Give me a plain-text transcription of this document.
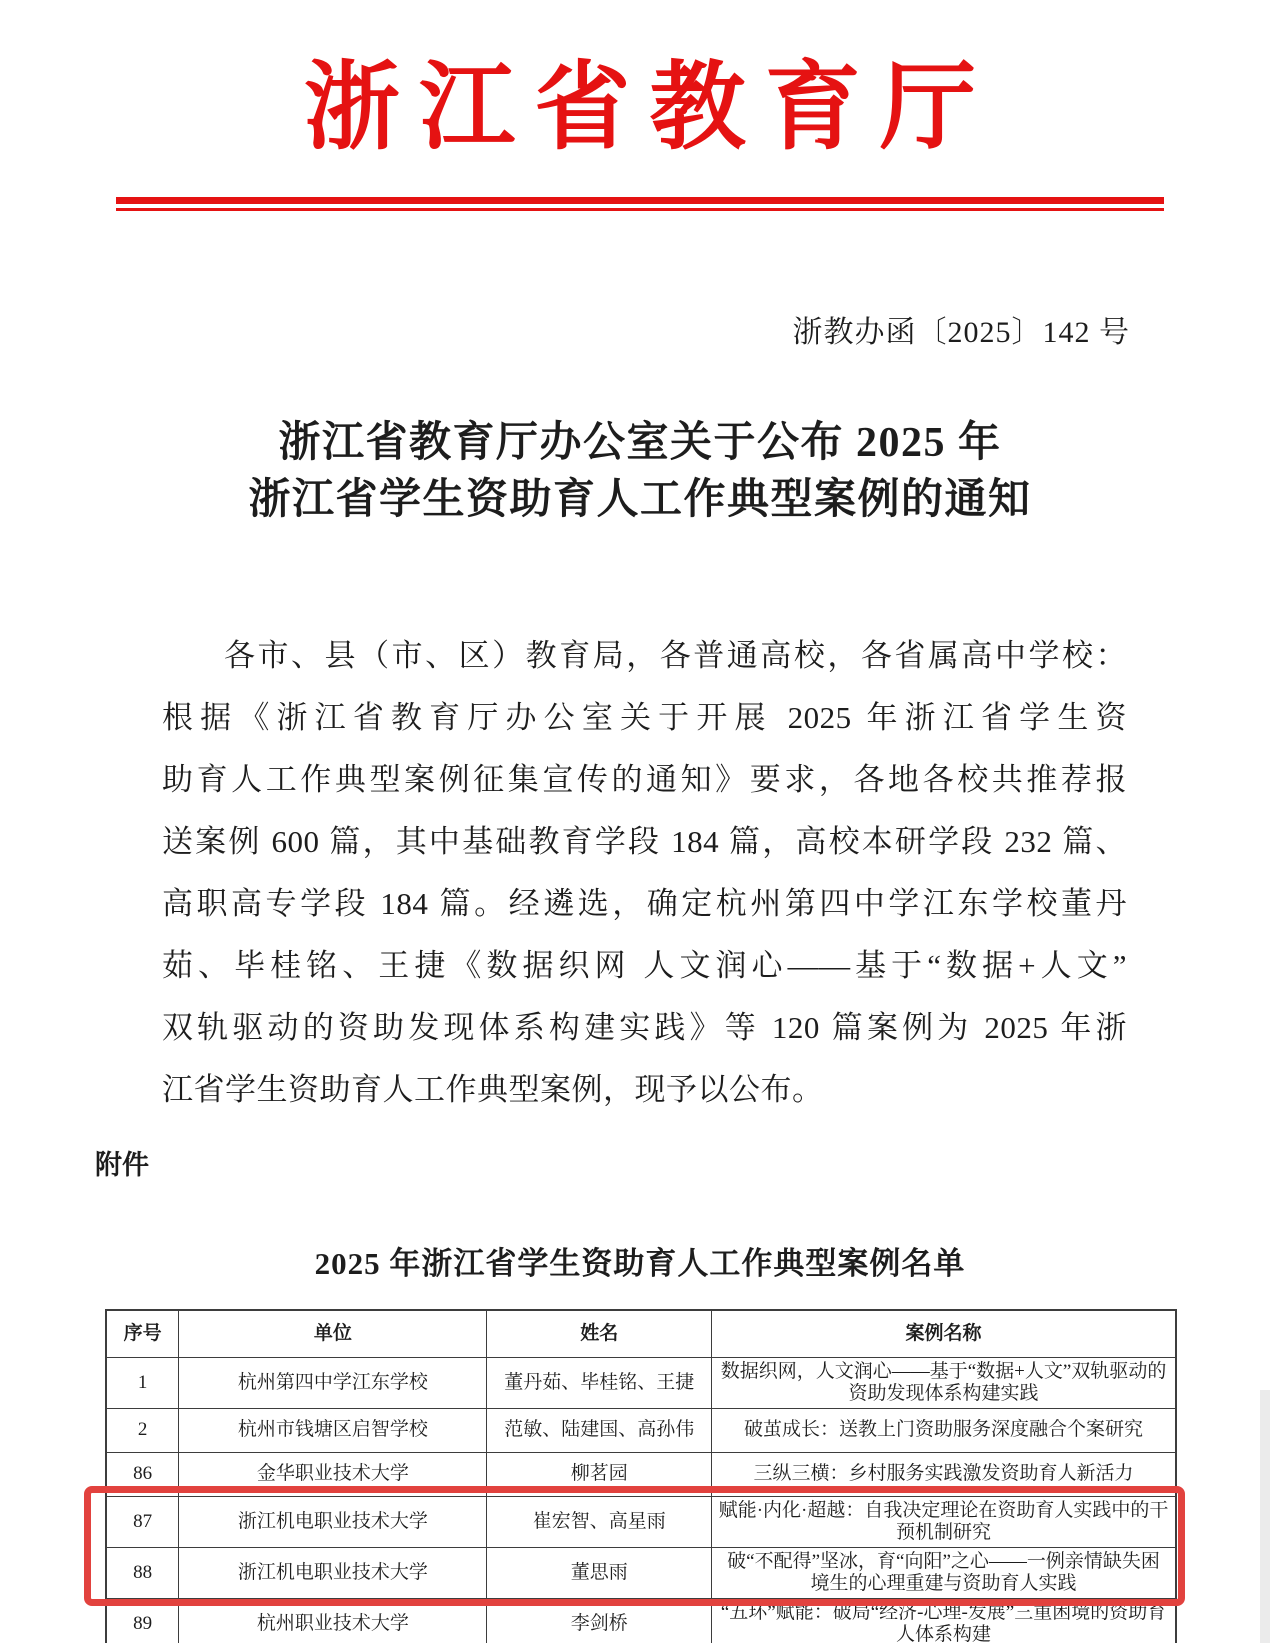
浙江省教育厅
浙教办函〔2025〕142 号
浙江省教育厅办公室关于公布 2025 年
浙江省学生资助育人工作典型案例的通知
各市、县（市、区）教育局，各普通高校，各省属高中学校：
根据《浙江省教育厅办公室关于开展 2025 年浙江省学生资
助育人工作典型案例征集宣传的通知》要求，各地各校共推荐报
送案例 600 篇，其中基础教育学段 184 篇，高校本研学段 232 篇、
高职高专学段 184 篇。经遴选，确定杭州第四中学江东学校董丹
茹、毕桂铭、王捷《数据织网 人文润心——基于“数据+人文”
双轨驱动的资助发现体系构建实践》等 120 篇案例为 2025 年浙
江省学生资助育人工作典型案例，现予以公布。
附件
2025 年浙江省学生资助育人工作典型案例名单
序号	单位	姓名	案例名称
1	杭州第四中学江东学校	董丹茹、毕桂铭、王捷	数据织网，人文润心——基于“数据+人文”双轨驱动的资助发现体系构建实践
2	杭州市钱塘区启智学校	范敏、陆建国、高孙伟	破茧成长：送教上门资助服务深度融合个案研究
86	金华职业技术大学	柳茗园	三纵三横：乡村服务实践激发资助育人新活力
87	浙江机电职业技术大学	崔宏智、高星雨	赋能·内化·超越：自我决定理论在资助育人实践中的干预机制研究
88	浙江机电职业技术大学	董思雨	破“不配得”坚冰，育“向阳”之心——一例亲情缺失困境生的心理重建与资助育人实践
89	杭州职业技术大学	李剑桥	“五环”赋能：破局“经济-心理-发展”三重困境的资助育人体系构建
